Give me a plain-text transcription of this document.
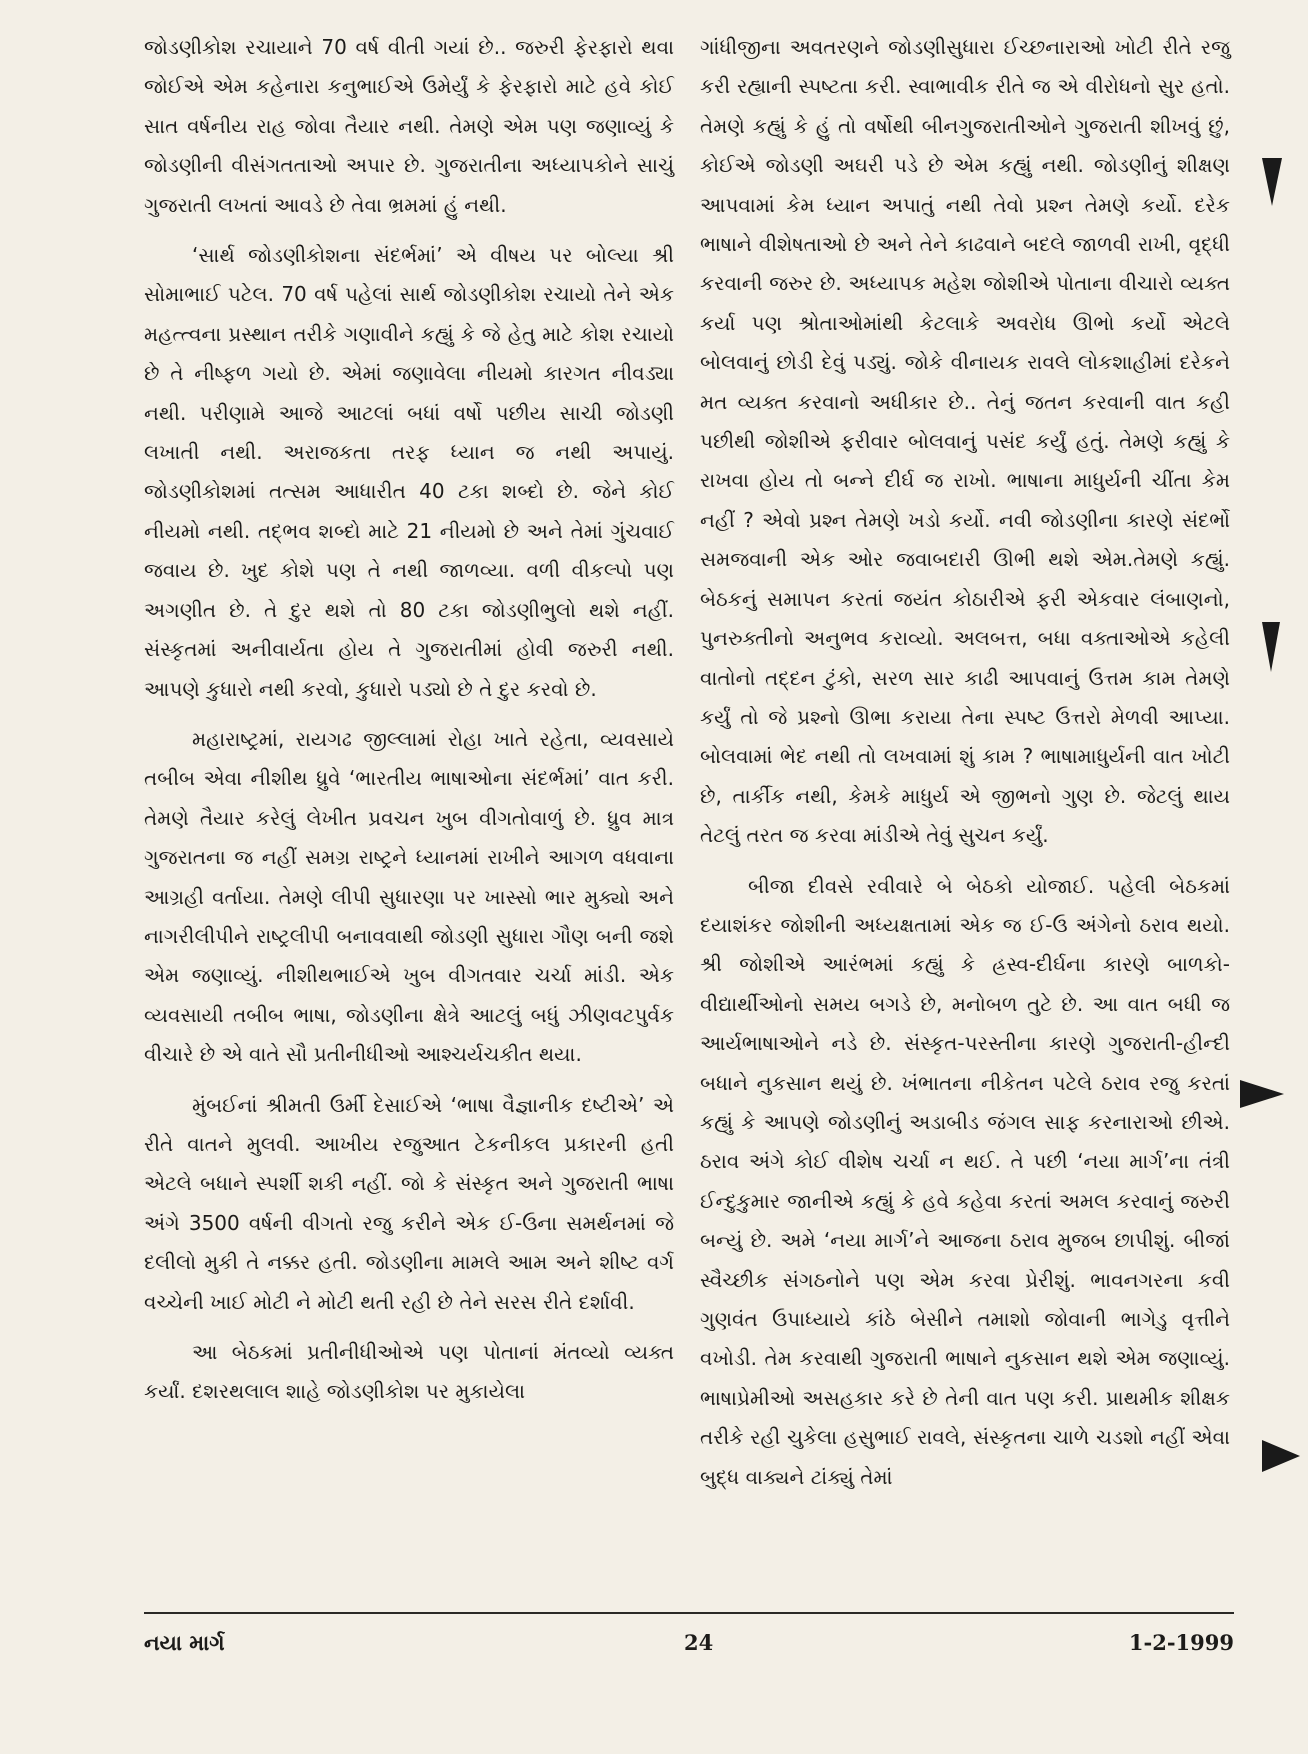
જોડણીકોશ રચાયાને 70 વર્ષ વીતી ગયાં છે.. જરુરી ફેરફારો થવા જોઈએ એમ કહેનારા કનુભાઈએ ઉમેર્યું કે ફેરફારો માટે હવે કોઈ સાત વર્ષનીય રાહ જોવા તૈયાર નથી. તેમણે એમ પણ જણાવ્યું કે જોડણીની વીસંગતતાઓ અપાર છે. ગુજરાતીના અધ્યાપકોને સાચું ગુજરાતી લખતાં આવડે છે તેવા ભ્રમમાં હું નથી.

‘સાર્થ જોડણીકોશના સંદર્ભમાં’ એ વીષય પર બોલ્યા શ્રી સોમાભાઈ પટેલ. 70 વર્ષ પહેલાં સાર્થ જોડણીકોશ રચાયો તેને એક મહત્ત્વના પ્રસ્થાન તરીકે ગણાવીને કહ્યું કે જે હેતુ માટે કોશ રચાયો છે તે નીષ્ફળ ગયો છે. એમાં જણાવેલા નીયમો કારગત નીવડ્યા નથી. પરીણામે આજે આટલાં બધાં વર્ષો પછીય સાચી જોડણી લખાતી નથી. અરાજકતા તરફ ધ્યાન જ નથી અપાયું. જોડણીકોશમાં તત્સમ આધારીત 40 ટકા શબ્દો છે. જેને કોઈ નીયમો નથી. તદ્ભવ શબ્દો માટે 21 નીયમો છે અને તેમાં ગુંચવાઈ જવાય છે. ખુદ કોશે પણ તે નથી જાળવ્યા. વળી વીકલ્પો પણ અગણીત છે. તે દુર થશે તો 80 ટકા જોડણીભુલો થશે નહીં. સંસ્કૃતમાં અનીવાર્યતા હોય તે ગુજરાતીમાં હોવી જરુરી નથી. આપણે કુધારો નથી કરવો, કુધારો પડ્યો છે તે દુર કરવો છે.

મહારાષ્ટ્રમાં, રાયગઢ જીલ્લામાં રોહા ખાતે રહેતા, વ્યવસાયે તબીબ એવા નીશીથ ધ્રુવે ‘ભારતીય ભાષાઓના સંદર્ભમાં’ વાત કરી. તેમણે તૈયાર કરેલું લેખીત પ્રવચન ખુબ વીગતોવાળું છે. ધ્રુવ માત્ર ગુજરાતના જ નહીં સમગ્ર રાષ્ટ્રને ધ્યાનમાં રાખીને આગળ વધવાના આગ્રહી વર્તાયા. તેમણે લીપી સુધારણા પર ખાસ્સો ભાર મુક્યો અને નાગરીલીપીને રાષ્ટ્રલીપી બનાવવાથી જોડણી સુધારા ગૌણ બની જશે એમ જણાવ્યું. નીશીથભાઈએ ખુબ વીગતવાર ચર્ચા માંડી. એક વ્યવસાયી તબીબ ભાષા, જોડણીના ક્ષેત્રે આટલું બધું ઝીણવટપુર્વક વીચારે છે એ વાતે સૌ પ્રતીનીધીઓ આશ્ચર્યચકીત થયા.

મુંબઈનાં શ્રીમતી ઉર્મી દેસાઈએ ‘ભાષા વૈજ્ઞાનીક દષ્ટીએ’ એ રીતે વાતને મુલવી. આખીય રજુઆત ટેકનીકલ પ્રકારની હતી એટલે બધાને સ્પર્શી શકી નહીં. જો કે સંસ્કૃત અને ગુજરાતી ભાષા અંગે 3500 વર્ષની વીગતો રજુ કરીને એક ઈ-ઉના સમર્થનમાં જે દલીલો મુકી તે નક્કર હતી. જોડણીના મામલે આમ અને શીષ્ટ વર્ગ વચ્ચેની ખાઈ મોટી ને મોટી થતી રહી છે તેને સરસ રીતે દર્શાવી.

આ બેઠકમાં પ્રતીનીધીઓએ પણ પોતાનાં મંતવ્યો વ્યક્ત કર્યાં. દશરથલાલ શાહે જોડણીકોશ પર મુકાયેલા

ગાંધીજીના અવતરણને જોડણીસુધારા ઈચ્છનારાઓ ખોટી રીતે રજુ કરી રહ્યાની સ્પષ્ટતા કરી. સ્વાભાવીક રીતે જ એ વીરોધનો સુર હતો. તેમણે કહ્યું કે હું તો વર્ષોથી બીનગુજરાતીઓને ગુજરાતી શીખવું છું, કોઈએ જોડણી અઘરી પડે છે એમ કહ્યું નથી. જોડણીનું શીક્ષણ આપવામાં કેમ ધ્યાન અપાતું નથી તેવો પ્રશ્ન તેમણે કર્યો. દરેક ભાષાને વીશેષતાઓ છે અને તેને કાઢવાને બદલે જાળવી રાખી, વૃદ્ધી કરવાની જરુર છે. અધ્યાપક મહેશ જોશીએ પોતાના વીચારો વ્યક્ત કર્યા પણ શ્રોતાઓમાંથી કેટલાકે અવરોધ ઊભો કર્યો એટલે બોલવાનું છોડી દેવું પડ્યું. જોકે વીનાયક રાવલે લોકશાહીમાં દરેકને મત વ્યક્ત કરવાનો અધીકાર છે.. તેનું જતન કરવાની વાત કહી પછીથી જોશીએ ફરીવાર બોલવાનું પસંદ કર્યું હતું. તેમણે કહ્યું કે રાખવા હોય તો બન્ને દીર્ઘ જ રાખો. ભાષાના માધુર્યની ચીંતા કેમ નહીં ? એવો પ્રશ્ન તેમણે ખડો કર્યો. નવી જોડણીના કારણે સંદર્ભો સમજવાની એક ઓર જવાબદારી ઊભી થશે એમ.તેમણે કહ્યું. બેઠકનું સમાપન કરતાં જયંત કોઠારીએ ફરી એકવાર લંબાણનો, પુનરુક્તીનો અનુભવ કરાવ્યો. અલબત્ત, બધા વક્તાઓએ કહેલી વાતોનો તદ્દન ટુંકો, સરળ સાર કાઢી આપવાનું ઉત્તમ કામ તેમણે કર્યું તો જે પ્રશ્નો ઊભા કરાયા તેના સ્પષ્ટ ઉત્તરો મેળવી આપ્યા. બોલવામાં ભેદ નથી તો લખવામાં શું કામ ? ભાષામાધુર્યની વાત ખોટી છે, તાર્કીક નથી, કેમકે માધુર્ય એ જીભનો ગુણ છે. જેટલું થાય તેટલું તરત જ કરવા માંડીએ તેવું સુચન કર્યું.

બીજા દીવસે રવીવારે બે બેઠકો યોજાઈ. પહેલી બેઠકમાં દયાશંકર જોશીની અધ્યક્ષતામાં એક જ ઈ-ઉ અંગેનો ઠરાવ થયો. શ્રી જોશીએ આરંભમાં કહ્યું કે હ્રસ્વ-દીર્ઘના કારણે બાળકો-વીદ્યાર્થીઓનો સમય બગડે છે, મનોબળ તુટે છે. આ વાત બધી જ આર્યભાષાઓને નડે છે. સંસ્કૃત-પરસ્તીના કારણે ગુજરાતી-હીન્દી બધાને નુકસાન થયું છે. ખંભાતના નીકેતન પટેલે ઠરાવ રજુ કરતાં કહ્યું કે આપણે જોડણીનું અડાબીડ જંગલ સાફ કરનારાઓ છીએ. ઠરાવ અંગે કોઈ વીશેષ ચર્ચા ન થઈ. તે પછી ‘નયા માર્ગ’ના તંત્રી ઈન્દુકુમાર જાનીએ કહ્યું કે હવે કહેવા કરતાં અમલ કરવાનું જરુરી બન્યું છે. અમે ‘નયા માર્ગ’ને આજના ઠરાવ મુજબ છાપીશું. બીજાં સ્વૈચ્છીક સંગઠનોને પણ એમ કરવા પ્રેરીશું. ભાવનગરના કવી ગુણવંત ઉપાધ્યાયે કાંઠે બેસીને તમાશો જોવાની ભાગેડુ વૃત્તીને વખોડી. તેમ કરવાથી ગુજરાતી ભાષાને નુકસાન થશે એમ જણાવ્યું. ભાષાપ્રેમીઓ અસહકાર કરે છે તેની વાત પણ કરી. પ્રાથમીક શીક્ષક તરીકે રહી ચુકેલા હસુભાઈ રાવલે, સંસ્કૃતના ચાળે ચડશો નહીં એવા બુદ્ધ વાક્યને ટાંક્યું તેમાં

નયા માર્ગ	24	1-2-1999
